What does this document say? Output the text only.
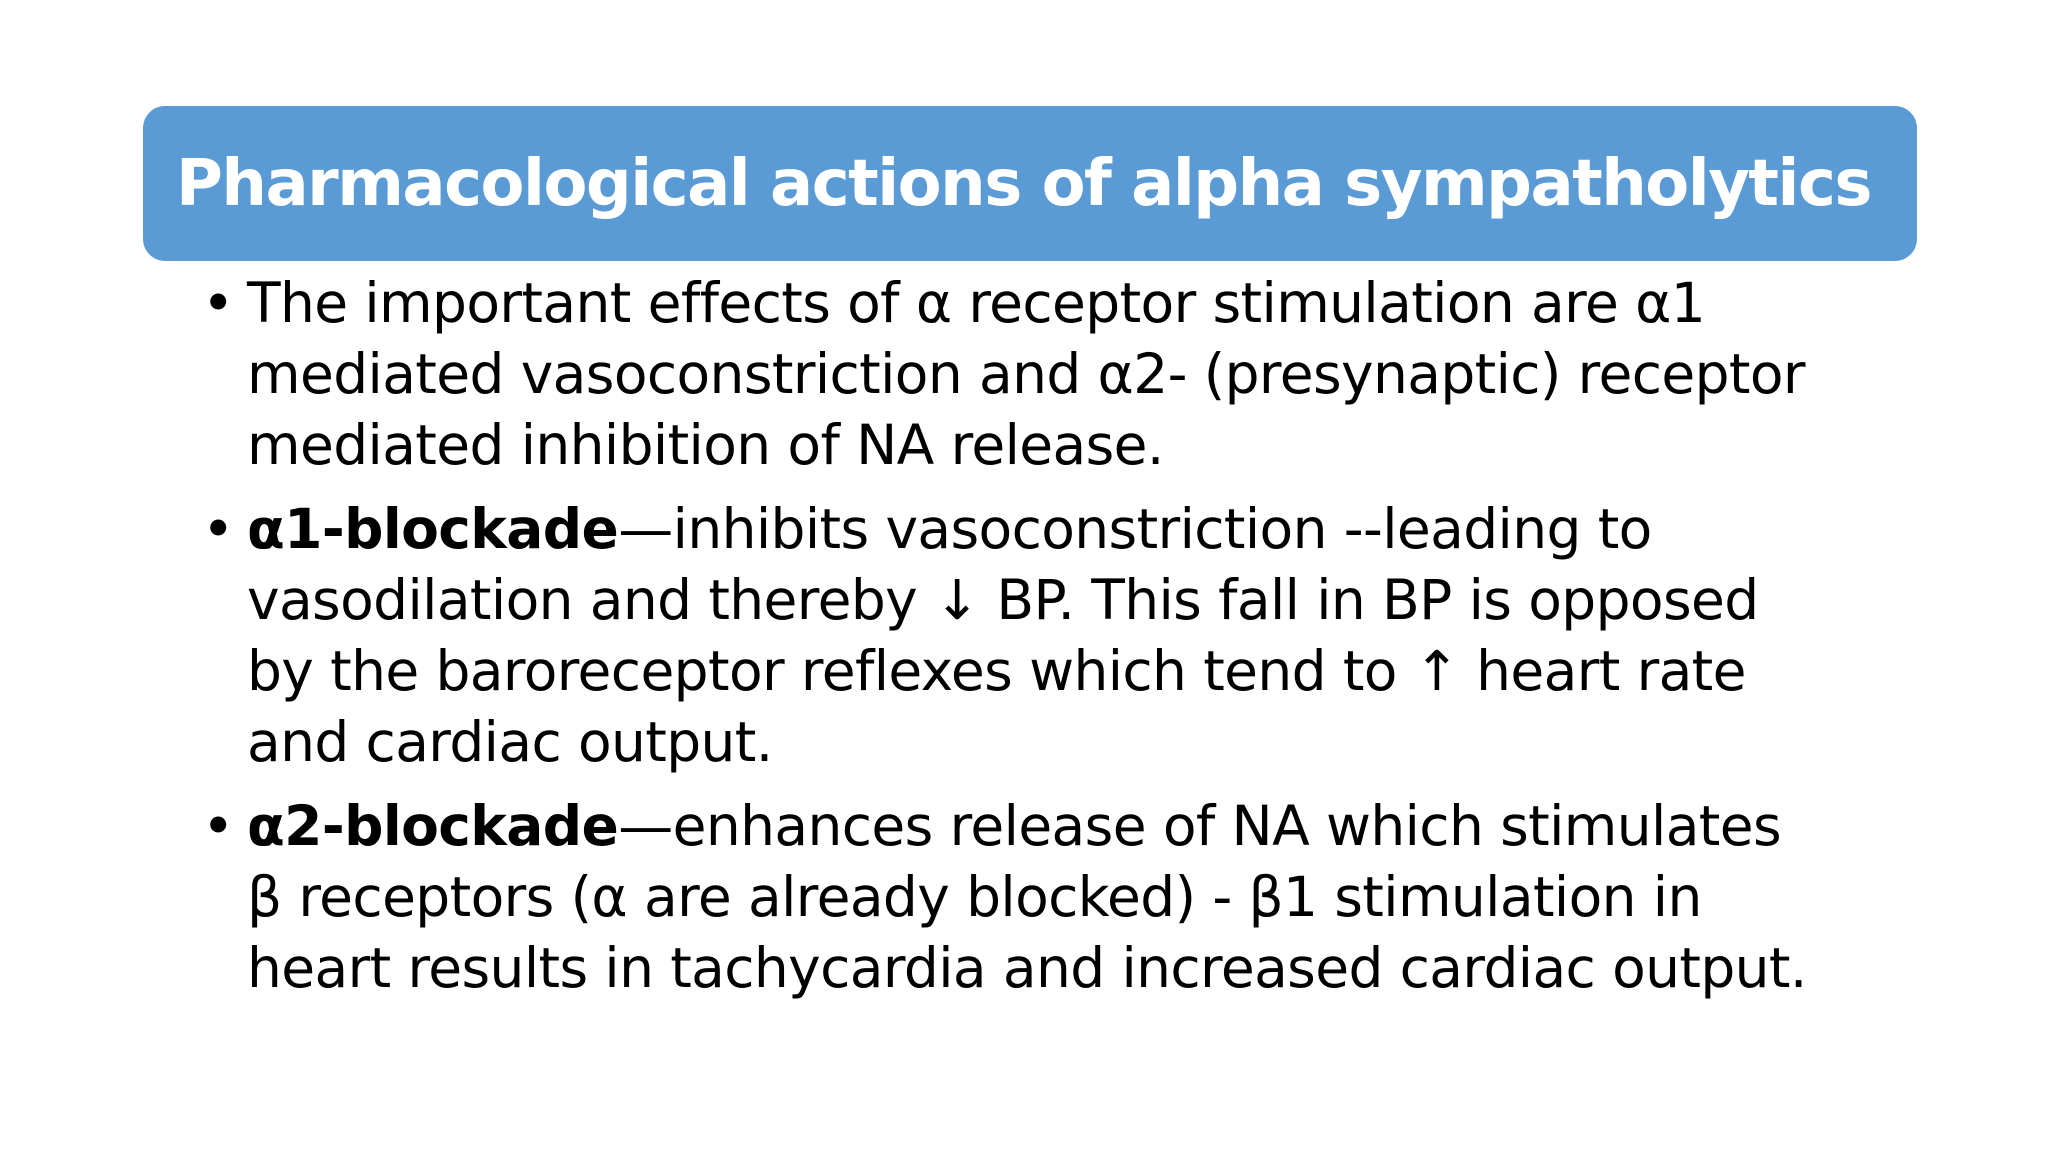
Pharmacological actions of alpha sympatholytics
• The important effects of α receptor stimulation are α1 mediated vasoconstriction and α2- (presynaptic) receptor mediated inhibition of NA release.
• α1-blockade—inhibits vasoconstriction --leading to vasodilation and thereby ↓ BP. This fall in BP is opposed by the baroreceptor reflexes which tend to ↑ heart rate and cardiac output.
• α2-blockade—enhances release of NA which stimulates β receptors (α are already blocked) - β1 stimulation in heart results in tachycardia and increased cardiac output.
